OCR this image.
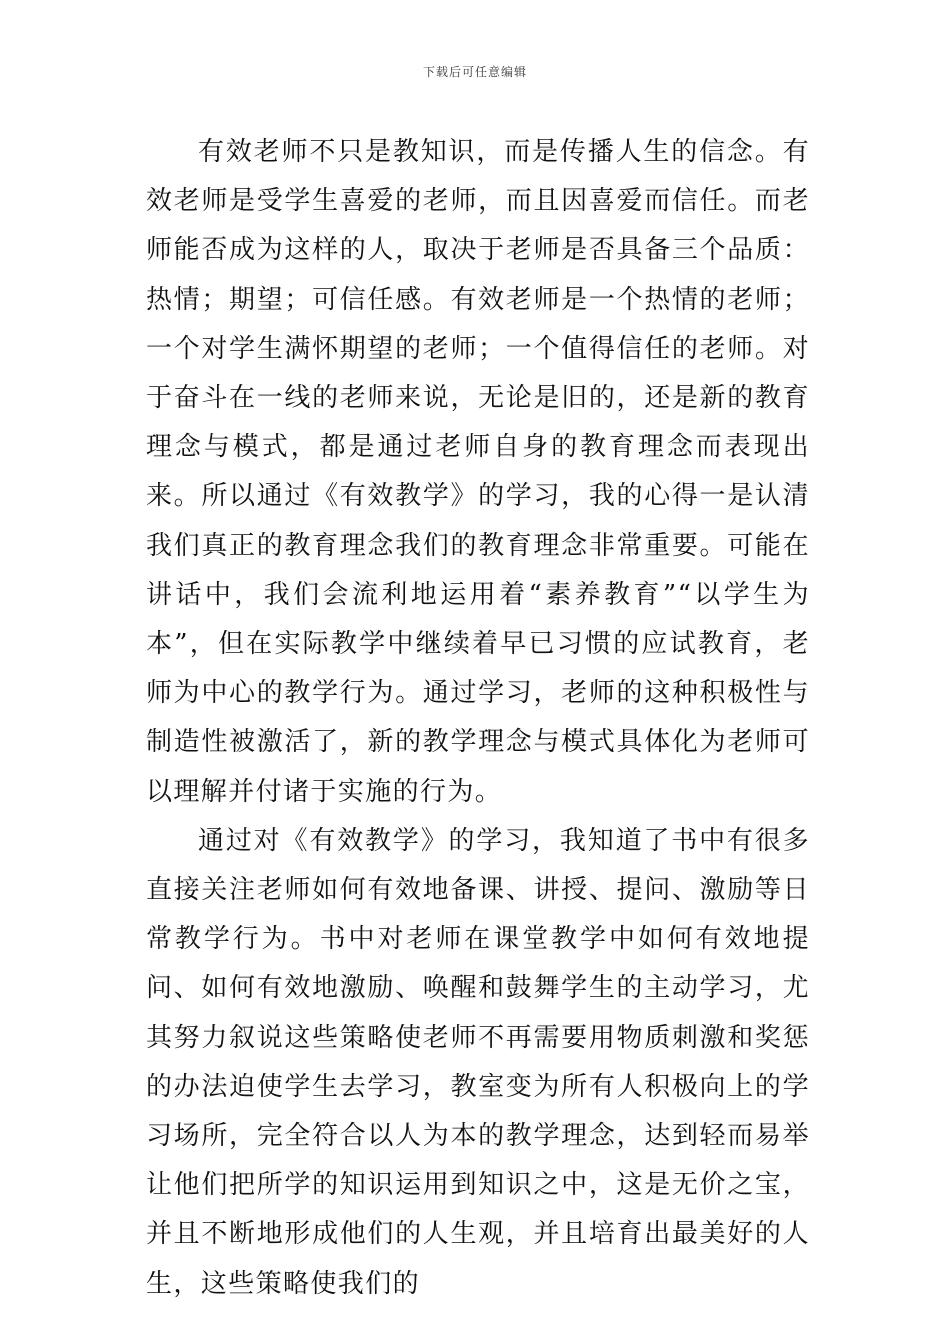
下载后可任意编辑

有效老师不只是教知识，而是传播人生的信念。有效老师是受学生喜爱的老师，而且因喜爱而信任。而老师能否成为这样的人，取决于老师是否具备三个品质：热情；期望；可信任感。有效老师是一个热情的老师；一个对学生满怀期望的老师；一个值得信任的老师。对于奋斗在一线的老师来说，无论是旧的，还是新的教育理念与模式，都是通过老师自身的教育理念而表现出来。所以通过《有效教学》的学习，我的心得一是认清我们真正的教育理念我们的教育理念非常重要。可能在讲话中，我们会流利地运用着“素养教育”“以学生为本”，但在实际教学中继续着早已习惯的应试教育，老师为中心的教学行为。通过学习，老师的这种积极性与制造性被激活了，新的教学理念与模式具体化为老师可以理解并付诸于实施的行为。

通过对《有效教学》的学习，我知道了书中有很多直接关注老师如何有效地备课、讲授、提问、激励等日常教学行为。书中对老师在课堂教学中如何有效地提问、如何有效地激励、唤醒和鼓舞学生的主动学习，尤其努力叙说这些策略使老师不再需要用物质刺激和奖惩的办法迫使学生去学习，教室变为所有人积极向上的学习场所，完全符合以人为本的教学理念，达到轻而易举让他们把所学的知识运用到知识之中，这是无价之宝，并且不断地形成他们的人生观，并且培育出最美好的人生，这些策略使我们的
